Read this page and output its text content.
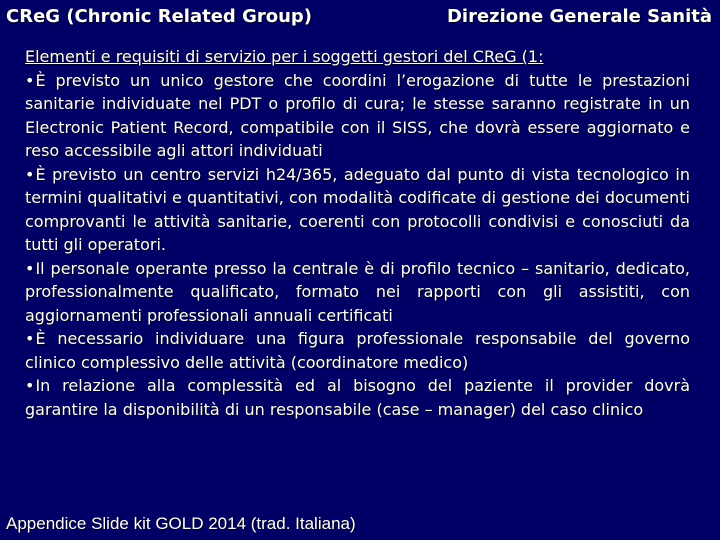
CReG (Chronic Related Group)	Direzione Generale Sanità

Elementi e requisiti di servizio per i soggetti gestori del CReG (1:

•È previsto un unico gestore che coordini l’erogazione di tutte le prestazioni sanitarie individuate nel PDT o profilo di cura; le stesse saranno registrate in un Electronic Patient Record, compatibile con il SISS, che dovrà essere aggiornato e reso accessibile agli attori individuati

•È previsto un centro servizi h24/365, adeguato dal punto di vista tecnologico in termini qualitativi e quantitativi, con modalità codificate di gestione dei documenti comprovanti le attività sanitarie, coerenti con protocolli condivisi e conosciuti da tutti gli operatori.

•Il personale operante presso la centrale è di profilo tecnico – sanitario, dedicato, professionalmente qualificato, formato nei rapporti con gli assistiti, con aggiornamenti professionali annuali certificati

•È necessario individuare una figura professionale responsabile del governo clinico complessivo delle attività (coordinatore medico)

•In relazione alla complessità ed al bisogno del paziente il provider dovrà garantire la disponibilità di un responsabile (case – manager) del caso clinico

Appendice Slide kit GOLD 2014 (trad. Italiana)
